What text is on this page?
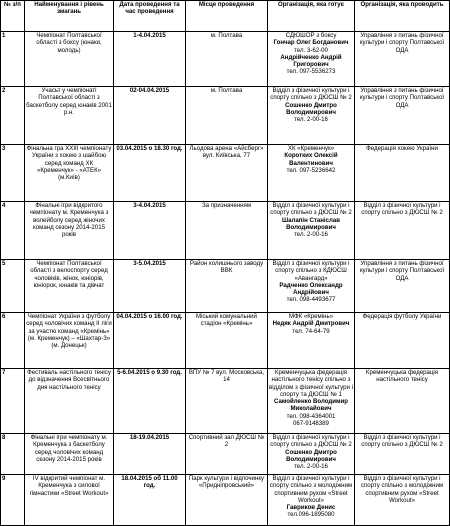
№ з/п	Найменування і рівень змагань	Дата проведення та час проведення	Місце проведення	Організація, яка готує	Організація, яка проводить
1	Чемпіонат Полтавської області з боксу (юнаки, молодь)	1-4.04.2015	м. Полтава	СДЮШОР з боксу
Гончар Олег Богданович
тел. 3-62-00
Андрійченко Андрій Григорович
тел. 097-5536273	Управління з питань фізичної культури і спорту Полтавської ОДА
2	Учасьт у чемпіонаті Полтавської області з баскетболу серед юнаків 2001 р.н.	02-04.04.2015	м. Полтава	Відділ з фізичної культури і спорту спільно з ДЮСШ № 2
Сошенко Дмитро Володимирович
тел. 2-00-16	Управління з питань фізичної культури і спорту Полтавської ОДА
3	Фінальна гра ХХІІІ чемпіонату України з хокею з шайбою серед команд ХК «Кременчук» - «АТЕК» (м.Київ)	03.04.2015 о 18.30 год.	Льодова арена «Айсберг» вул. Київська, 77	ХК «Кременчук»
Коротких Олексій Валентинович
тел. 097-5236642	Федерація хокею України
4	Фінальні ігри відкритого чемпіонату м. Кременчука з волейболу серед жіночих команд сезону 2014-2015 років	3-4.04.2015	За призначенням	Відділ з фізичної культури і спорту спільно з ДЮСШ № 2
Шалапін Станіслав Володимирович
тел. 2-00-16	Відділ з фізичної культури і спорту спільно з ДЮСШ № 2
5	Чемпіонат Полтавської області з велоспорту серед чоловіків, жінок, юніорів, юніорок, юнаків та дівчат	3-5.04.2015	Район колишнього заводу ВВК	Відділ з фізичної культури і спорту спільно з КДЮСШ «Авангард»
Радченко Олександр Андрійович
тел. 098-4493677	Управління з питань фізичної культури і спорту Полтавської ОДА
6	Чемпіонат України з футболу серед чоловічих команд ІІ ліги за участю команд «Кремінь» (м. Кременчук) – «Шахтар-3» (м. Донецьк)	04.04.2015 о 16.00 год.	Міський комунальний стадіон «Кремінь»	МФК «Кремінь»
Недяк Андрій Дмитрович
тел. 74-64-79	Федерація футболу України
7	Фестиваль настільного тенісу до відзначення Всесвітнього дня настільного тенісу	5-6.04.2015 о 9.30 год.	ВПУ № 7 вул. Московська, 14	Кременчуцька федерація настільного тенісу спільно з відділом з фізичної культури і спорту та ДЮСШ № 1
Самойленко Володимир Миколайович
тел. 098-4364001
067-9148389	Кременчуцька федерація настільного тенісу
8	Фінальні ігри чемпіонату м. Кременчука з баскетболу серед чоловічих команд сезону 2014-2015 років	18-19.04.2015	Спортивний зал ДЮСШ № 2	Відділ з фізичної культури і спорту спільно з ДЮСШ № 2
Сошенко Дмитро Володимирович
тел. 2-00-16	Відділ з фізичної культури і спорту спільно з ДЮСШ № 2
9	ІV відкритий чемпіонат м. Кременчука з силової гімнастики «Street Workout»	18.04.2015 об 11.00 год.	Парк культури і відпочинку «Придніпровський»	Відділ з фізичної культури і спорту спільно з молодіжним спортивним рухом «Street Workout»
Гавриков Денис
тел.096-1895080	Відділ з фізичної культури і спорту спільно з молодіжним спортивним рухом «Street Workout»
